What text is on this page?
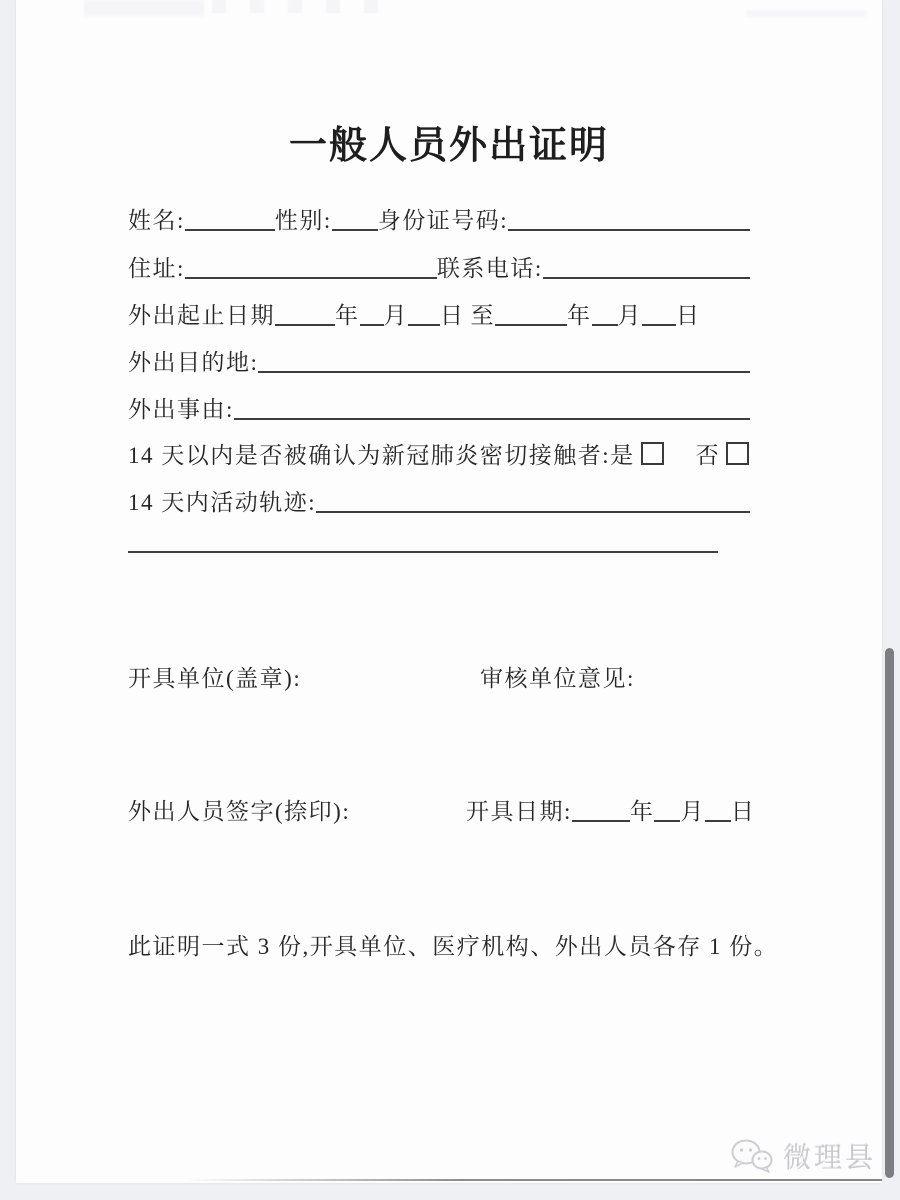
一般人员外出证明
姓名:	性别: 身份证号码:
住址:	联系电话:
外出起止日期	年 月 日 至	年 月 日
外出目的地:
外出事由:
14 天以内是否被确认为新冠肺炎密切接触者: 是	否
14 天内活动轨迹:
开具单位(盖章):	审核单位意见:
外出人员签字(捺印):	开具日期:	年 月 日
此证明一式 3 份,开具单位、医疗机构、外出人员各存 1 份。
微理县
